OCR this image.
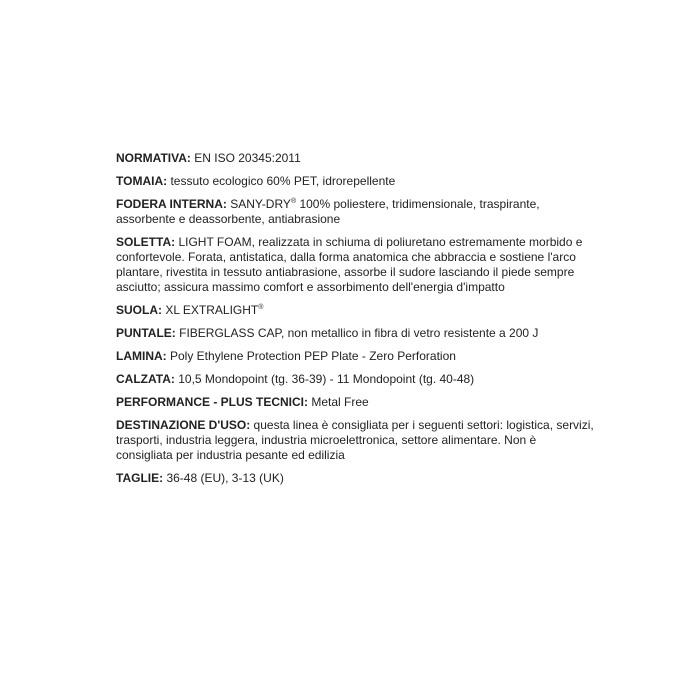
NORMATIVA: EN ISO 20345:2011

TOMAIA: tessuto ecologico 60% PET, idrorepellente

FODERA INTERNA: SANY-DRY® 100% poliestere, tridimensionale, traspirante, assorbente e deassorbente, antiabrasione

SOLETTA: LIGHT FOAM, realizzata in schiuma di poliuretano estremamente morbido e confortevole. Forata, antistatica, dalla forma anatomica che abbraccia e sostiene l'arco plantare, rivestita in tessuto antiabrasione, assorbe il sudore lasciando il piede sempre asciutto; assicura massimo comfort e assorbimento dell'energia d'impatto

SUOLA: XL EXTRALIGHT®

PUNTALE: FIBERGLASS CAP, non metallico in fibra di vetro resistente a 200 J

LAMINA: Poly Ethylene Protection PEP Plate - Zero Perforation

CALZATA: 10,5 Mondopoint (tg. 36-39) - 11 Mondopoint (tg. 40-48)

PERFORMANCE - PLUS TECNICI: Metal Free

DESTINAZIONE D'USO: questa linea è consigliata per i seguenti settori: logistica, servizi, trasporti, industria leggera, industria microelettronica, settore alimentare. Non è consigliata per industria pesante ed edilizia

TAGLIE: 36-48 (EU), 3-13 (UK)
